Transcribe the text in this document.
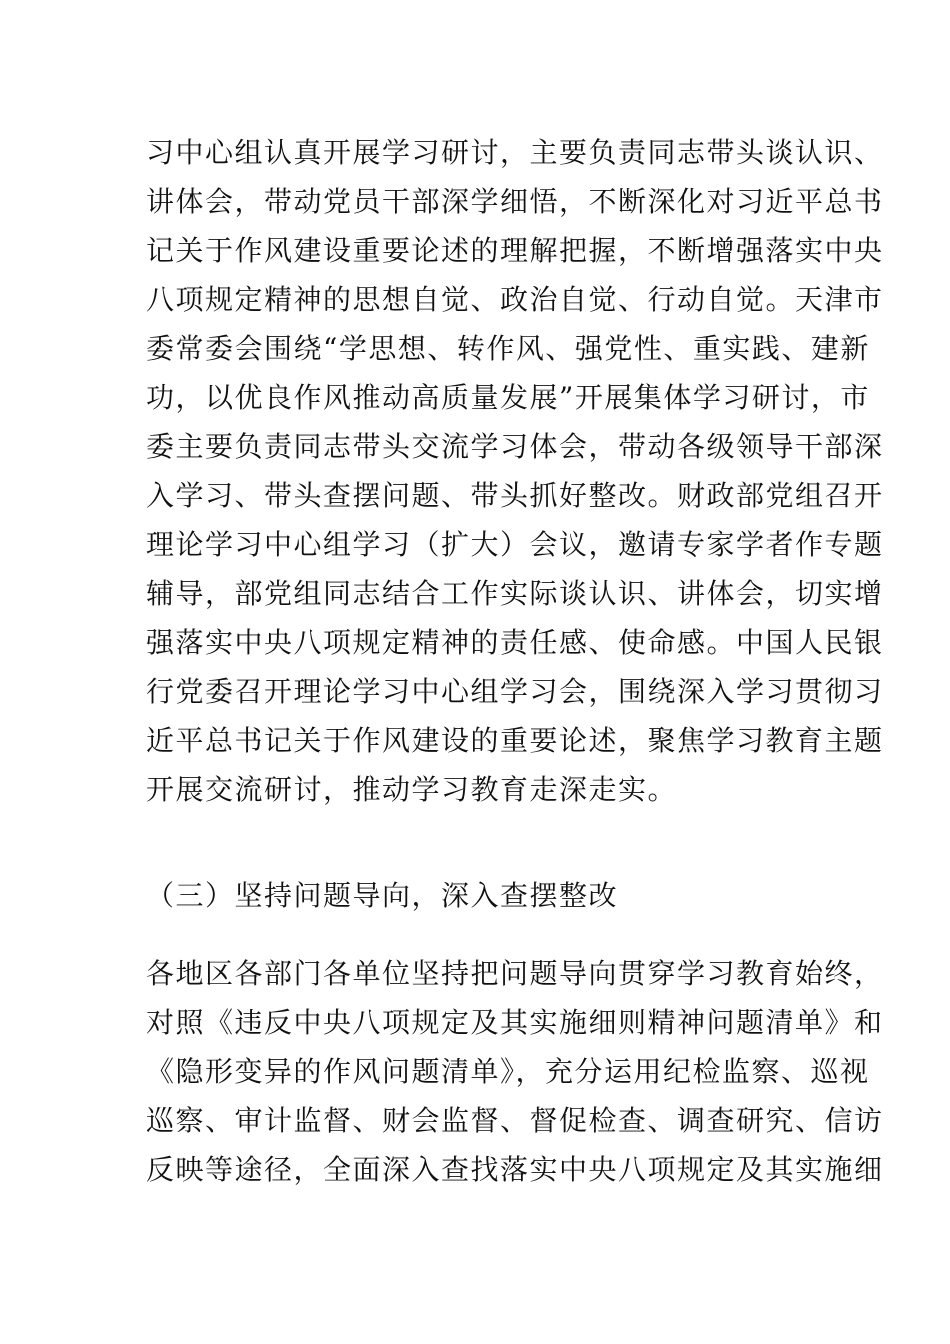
习中心组认真开展学习研讨，主要负责同志带头谈认识、
讲体会，带动党员干部深学细悟，不断深化对习近平总书
记关于作风建设重要论述的理解把握，不断增强落实中央
八项规定精神的思想自觉、政治自觉、行动自觉。天津市
委常委会围绕“学思想、转作风、强党性、重实践、建新
功，以优良作风推动高质量发展”开展集体学习研讨，市
委主要负责同志带头交流学习体会，带动各级领导干部深
入学习、带头查摆问题、带头抓好整改。财政部党组召开
理论学习中心组学习（扩大）会议，邀请专家学者作专题
辅导，部党组同志结合工作实际谈认识、讲体会，切实增
强落实中央八项规定精神的责任感、使命感。中国人民银
行党委召开理论学习中心组学习会，围绕深入学习贯彻习
近平总书记关于作风建设的重要论述，聚焦学习教育主题
开展交流研讨，推动学习教育走深走实。
（三）坚持问题导向，深入查摆整改
各地区各部门各单位坚持把问题导向贯穿学习教育始终，
对照《违反中央八项规定及其实施细则精神问题清单》和
《隐形变异的作风问题清单》，充分运用纪检监察、巡视
巡察、审计监督、财会监督、督促检查、调查研究、信访
反映等途径，全面深入查找落实中央八项规定及其实施细
